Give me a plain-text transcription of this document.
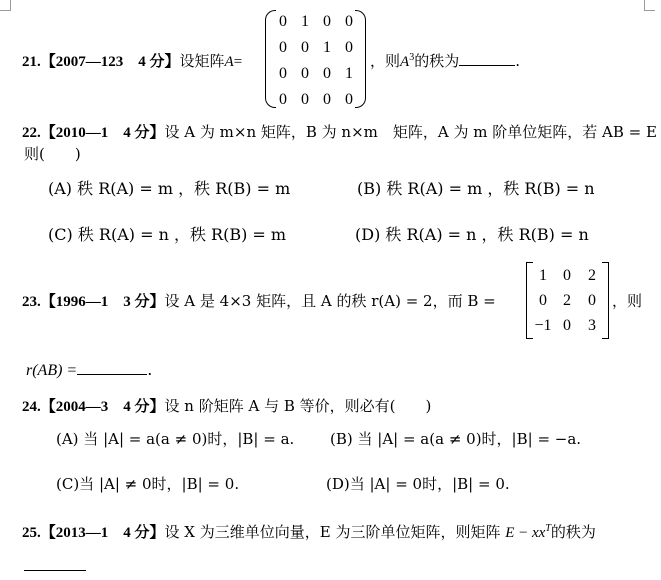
21.【2007—123　4 分】设矩阵A=
0 1 0 0
0 0 1 0
0 0 0 1
0 0 0 0
，则$A^3$的秩为	.
22.【2010—1　4 分】设 A 为 m×n 矩阵，B 为 n×m　矩阵，A 为 m 阶单位矩阵，若 AB = E
则(　　)
(A) 秩 R(A) = m ，秩 R(B) = m	(B) 秩 R(A) = m ，秩 R(B) = n
(C) 秩 R(A) = n ，秩 R(B) = m	(D) 秩 R(A) = n ，秩 R(B) = n
23.【1996—1　3 分】设 A 是 4×3 矩阵，且 A 的秩 r(A) = 2，而 B =
1	0	2
0	2	0
−1 0	3
，则
r(AB) =	.
24.【2004—3　4 分】设 n 阶矩阵 A 与 B 等价，则必有(　　)
(A) 当 |A| = a(a ≠ 0)时，|B| = a. (B) 当 |A| = a(a ≠ 0)时，|B| = −a.
(C)当 |A| ≠ 0时，|B| = 0.	(D)当 |A| = 0时，|B| = 0.
25.【2013—1　4 分】设 X 为三维单位向量，E 为三阶单位矩阵，则矩阵 $E - xx^T$的秩为
